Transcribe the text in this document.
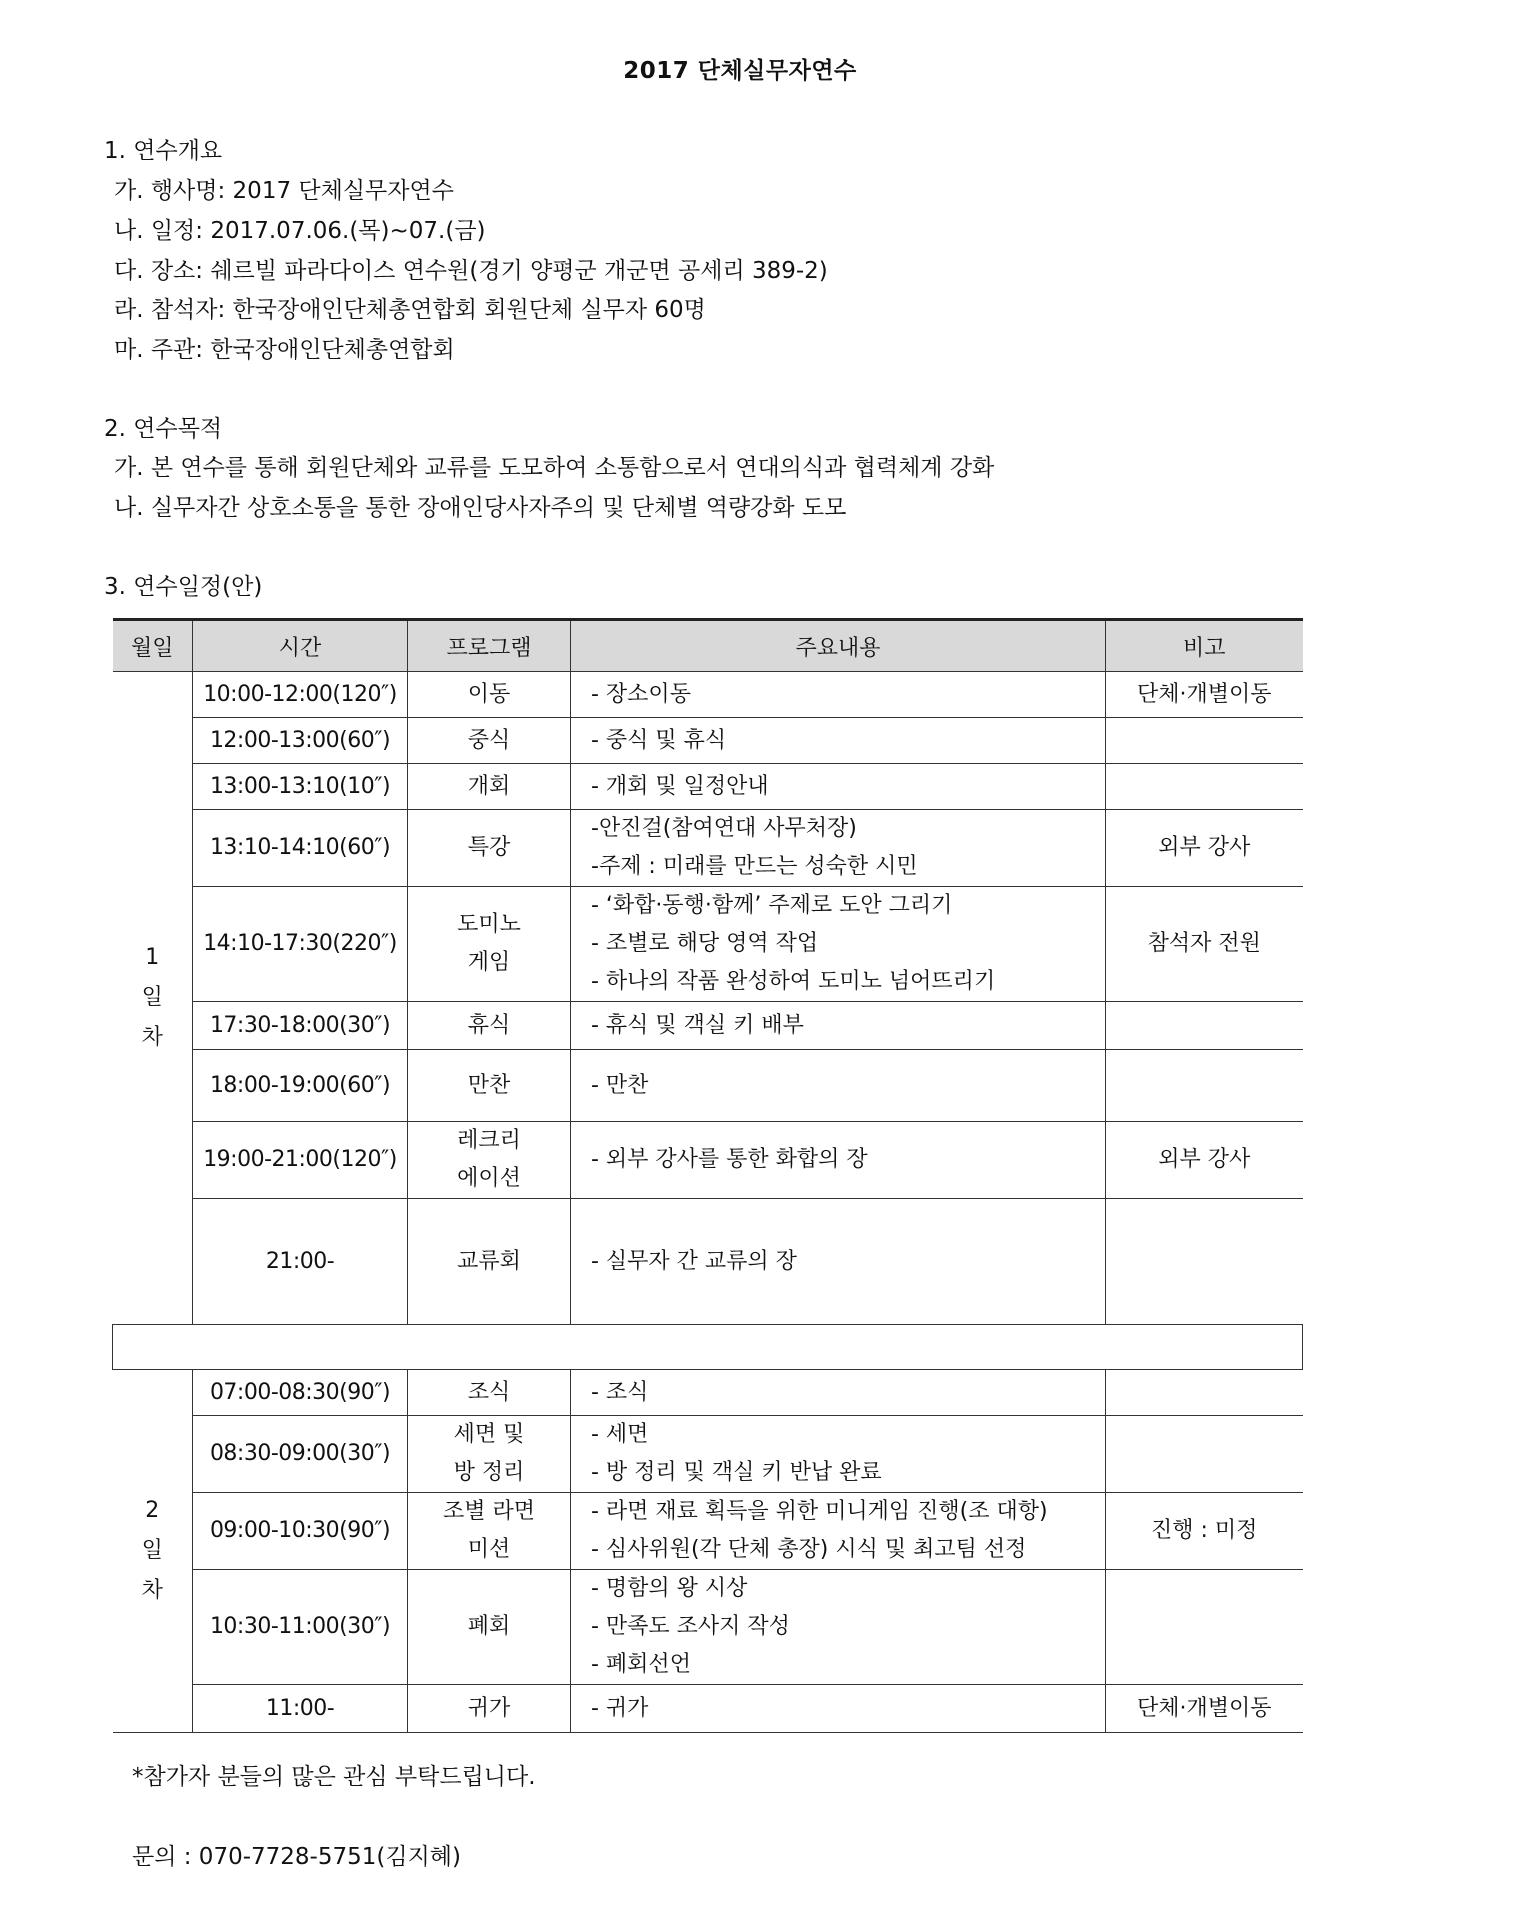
2017 단체실무자연수
1. 연수개요
가. 행사명: 2017 단체실무자연수
나. 일정: 2017.07.06.(목)~07.(금)
다. 장소: 쉐르빌 파라다이스 연수원(경기 양평군 개군면 공세리 389-2)
라. 참석자: 한국장애인단체총연합회 회원단체 실무자 60명
마. 주관: 한국장애인단체총연합회
2. 연수목적
가. 본 연수를 통해 회원단체와 교류를 도모하여 소통함으로서 연대의식과 협력체계 강화
나. 실무자간 상호소통을 통한 장애인당사자주의 및 단체별 역량강화 도모
3. 연수일정(안)
월일	시간	프로그램	주요내용	비고

1
일
차	10:00-12:00(120″)	이동	- 장소이동	단체·개별이동
	12:00-13:00(60″)	중식	- 중식 및 휴식	

	13:00-13:10(10″)	개회	- 개회 및 일정안내	

	13:10-14:10(60″)	특강	-안진걸(참여연대 사무처장)
-주제 : 미래를 만드는 성숙한 시민	외부 강사
	14:10-17:30(220″)	도미노
게임	- ‘화합·동행·함께’ 주제로 도안 그리기
- 조별로 해당 영역 작업
- 하나의 작품 완성하여 도미노 넘어뜨리기	참석자 전원
	17:30-18:00(30″)	휴식	- 휴식 및 객실 키 배부	

	18:00-19:00(60″)	만찬	- 만찬	

	19:00-21:00(120″)	레크리
에이션	- 외부 강사를 통한 화합의 장	외부 강사
	21:00-	교류회	- 실무자 간 교류의 장	

2
일
차	07:00-08:30(90″)	조식	- 조식	

	08:30-09:00(30″)	세면 및
방 정리	- 세면
- 방 정리 및 객실 키 반납 완료	

	09:00-10:30(90″)	조별 라면
미션	- 라면 재료 획득을 위한 미니게임 진행(조 대항)
- 심사위원(각 단체 총장) 시식 및 최고팀 선정	진행 : 미정
	10:30-11:00(30″)	폐회	- 명함의 왕 시상
- 만족도 조사지 작성
- 폐회선언	

	11:00-	귀가	- 귀가	단체·개별이동
*참가자 분들의 많은 관심 부탁드립니다.
문의 : 070-7728-5751(김지혜)
